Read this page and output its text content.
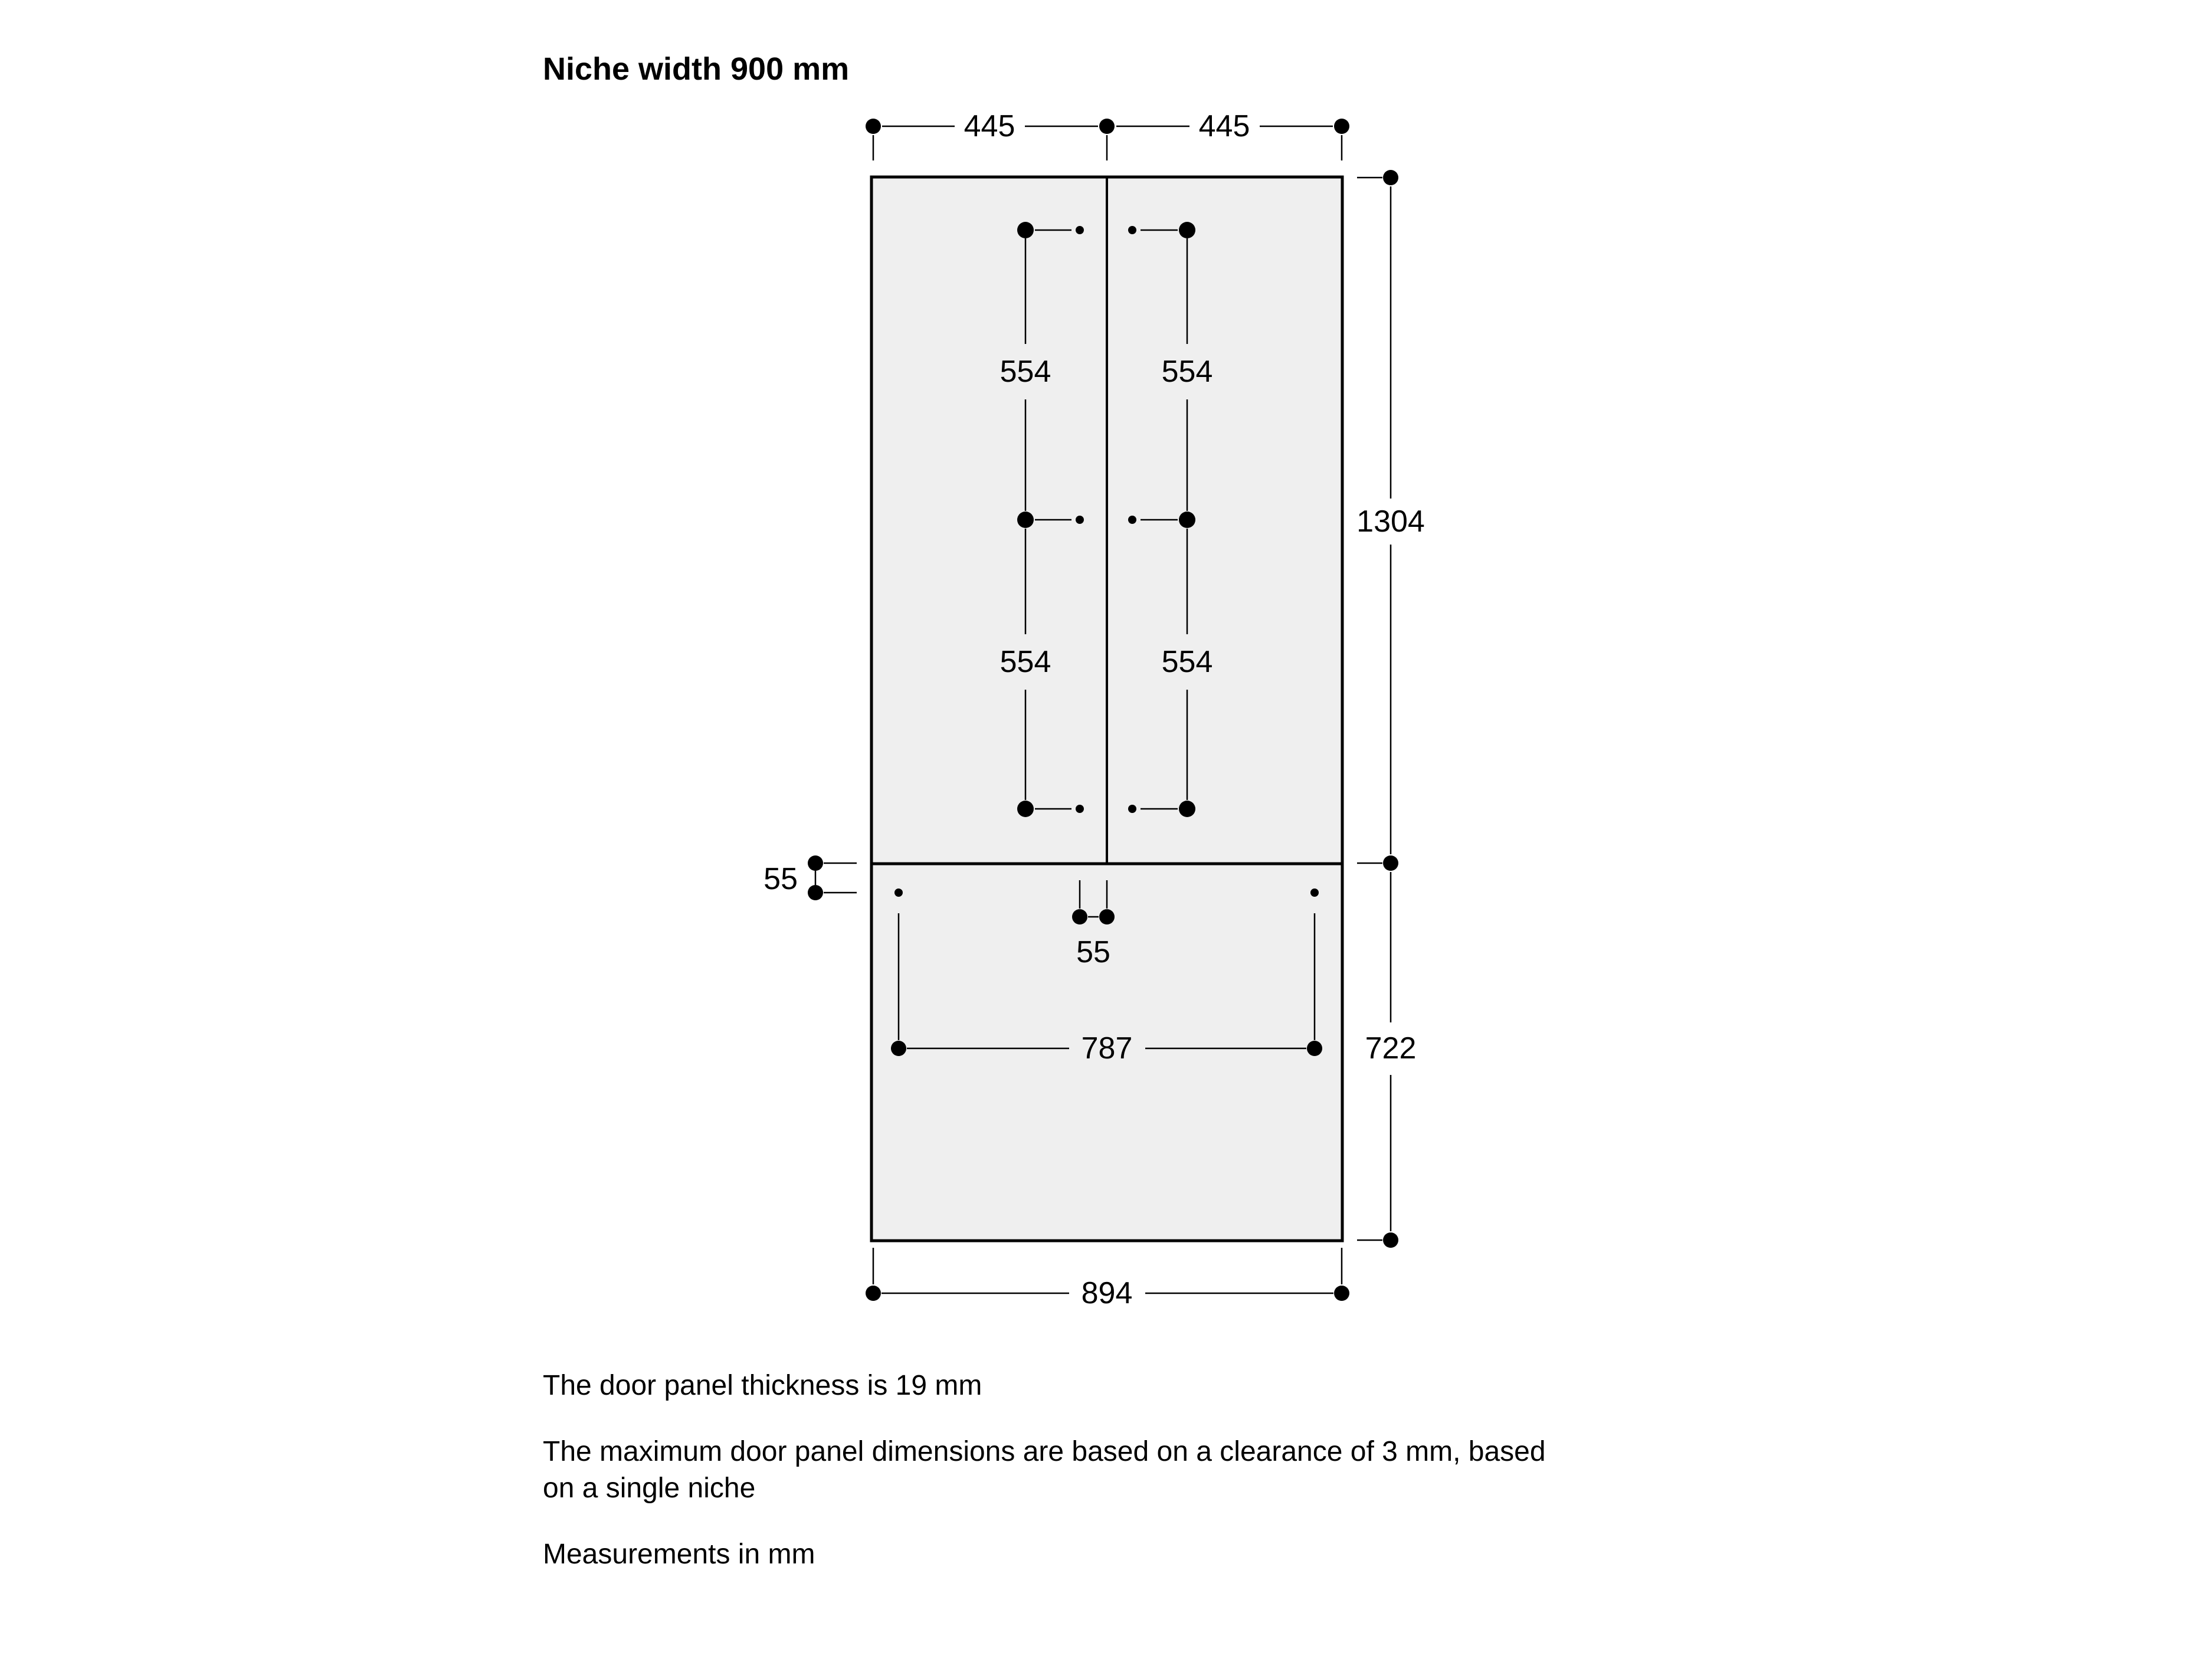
Niche width 900 mm
445	445
1304
722
894
554	554
554	554
55
55
787
The door panel thickness is 19 mm
The maximum door panel dimensions are based on a clearance of 3 mm, based
on a single niche
Measurements in mm
